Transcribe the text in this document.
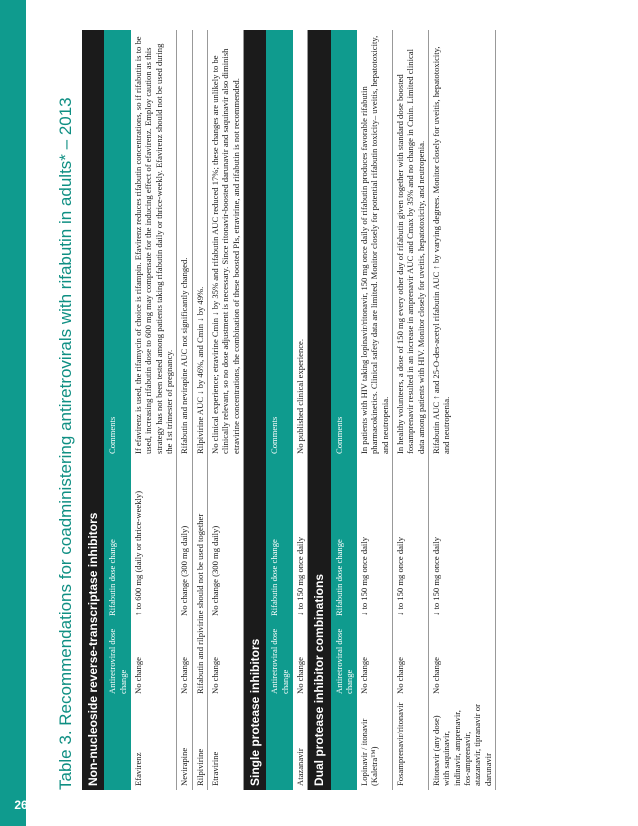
26
Table 3. Recommendations for coadministering antiretrovirals with rifabutin in adults* – 2013 Non-nucleoside reverse-transcriptase inhibitors			
	Antiretroviral dose change	Rifabutin dose change	Comments
Efavirenz	No change	↑ to 600 mg (daily or thrice-weekly)	If efavirenz is used, the rifamycin of choice is rifampin. Efavirenz reduces rifabutin concentrations, so if rifabutin is to be used, increasing rifabutin dose to 600 mg may compensate for the inducing effect of efavirenz. Employ caution as this strategy has not been tested among patients taking rifabutin daily or thrice-weekly. Efavirenz should not be used during the 1st trimester of pregnancy.
Nevirapine	No change	No change (300 mg daily)	Rifabutin and nevirapine AUC not significantly changed.
Rilpivirine	Rifabutin and rilpivirine should not be used together		Rilpivirine AUC ↓ by 46%, and Cmin ↓ by 49%.
Etravirine	No change	No change (300 mg daily)	No clinical experience; etravirine Cmin ↓ by 35% and rifabutin AUC reduced 17%; these changes are unlikely to be clinically relevant, so no dose adjustment is necessary. Since ritonavir-boosted darunavir and saquinavir also diminish etravirine concentrations, the combination of these boosted PIs, etravirine, and rifabutin is not recommended.
Single protease inhibitors			
	Antiretroviral dose change	Rifabutin dose change	Comments
Atazanavir	No change	↓ to 150 mg once daily	No published clinical experience.
Dual protease inhibitor combinations			
	Antiretroviral dose change	Rifabutin dose change	Comments
Lopinavir / itonavir (Kaletra™)	No change	↓ to 150 mg once daily	In patients with HIV taking lopinavir/ritonavir, 150 mg once daily of rifabutin produces favorable rifabutin pharmacokinetics. Clinical safety data are limited. Monitor closely for potential rifabutin toxicity– uveitis, hepatotoxicity, and neutropenia.
Fosamprenavir/ritonavir	No change	↓ to 150 mg once daily	In healthy volunteers, a dose of 150 mg every other day of rifabutin given together with standard dose boosted fosamprenavir resulted in an increase in amprenavir AUC and Cmax by 35% and no change in Cmin. Limited clinical data among patients with HIV. Monitor closely for uveitis, hepatotoxicity, and neutropenia.
Ritonavir (any dose) with saquinavir, indinavir, amprenavir, fos-amprenavir, atazanavir, tipranavir or darunavir	No change	↓ to 150 mg once daily	Rifabutin AUC ↑ and 25-O-des-acetyl rifabutin AUC ↑ by varying degrees. Monitor closely for uveitis, hepatotoxicity, and neutropenia.
